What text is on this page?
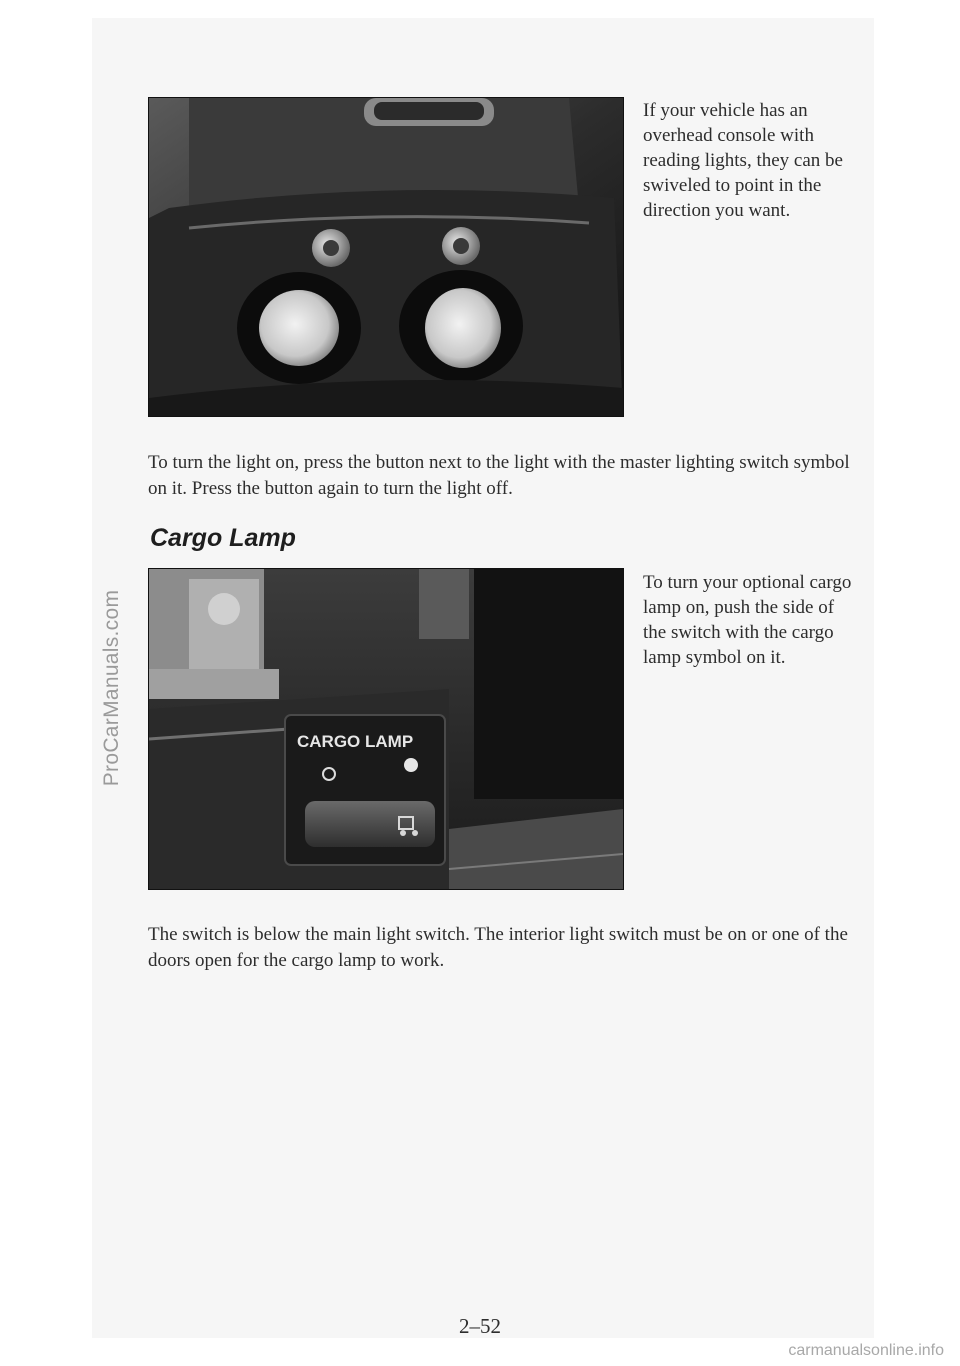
ProCarManuals.com

If your vehicle has an overhead console with reading lights, they can be swiveled to point in the direction you want.

To turn the light on, press the button next to the light with the master lighting switch symbol on it. Press the button again to turn the light off.

Cargo Lamp
CARGO LAMP

To turn your optional cargo lamp on, push the side of the switch with the cargo lamp symbol on it.

The switch is below the main light switch. The interior light switch must be on or one of the doors open for the cargo lamp to work.

2–52
carmanualsonline.info
